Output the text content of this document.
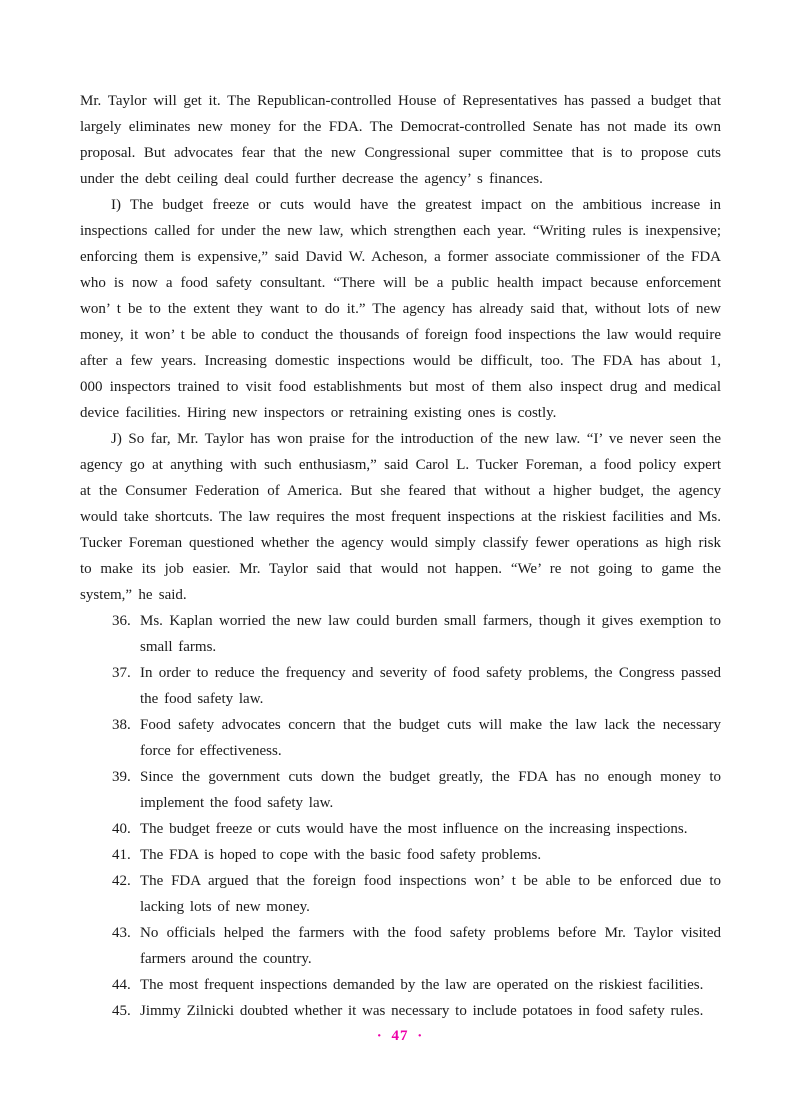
Mr. Taylor will get it. The Republican-controlled House of Representatives has passed a budget that largely eliminates new money for the FDA. The Democrat-controlled Senate has not made its own proposal. But advocates fear that the new Congressional super committee that is to propose cuts under the debt ceiling deal could further decrease the agency’ s finances.

I) The budget freeze or cuts would have the greatest impact on the ambitious increase in inspections called for under the new law, which strengthen each year. “Writing rules is inexpensive; enforcing them is expensive,” said David W. Acheson, a former associate commissioner of the FDA who is now a food safety consultant. “There will be a public health impact because enforcement won’ t be to the extent they want to do it.” The agency has already said that, without lots of new money, it won’ t be able to conduct the thousands of foreign food inspections the law would require after a few years. Increasing domestic inspections would be difficult, too. The FDA has about 1, 000 inspectors trained to visit food establishments but most of them also inspect drug and medical device facilities. Hiring new inspectors or retraining existing ones is costly.

J) So far, Mr. Taylor has won praise for the introduction of the new law. “I’ ve never seen the agency go at anything with such enthusiasm,” said Carol L. Tucker Foreman, a food policy expert at the Consumer Federation of America. But she feared that without a higher budget, the agency would take shortcuts. The law requires the most frequent inspections at the riskiest facilities and Ms. Tucker Foreman questioned whether the agency would simply classify fewer operations as high risk to make its job easier. Mr. Taylor said that would not happen. “We’ re not going to game the system,” he said.

36. Ms. Kaplan worried the new law could burden small farmers, though it gives exemption to small farms.
37. In order to reduce the frequency and severity of food safety problems, the Congress passed the food safety law.
38. Food safety advocates concern that the budget cuts will make the law lack the necessary force for effectiveness.
39. Since the government cuts down the budget greatly, the FDA has no enough money to implement the food safety law.
40. The budget freeze or cuts would have the most influence on the increasing inspections.
41. The FDA is hoped to cope with the basic food safety problems.
42. The FDA argued that the foreign food inspections won’ t be able to be enforced due to lacking lots of new money.
43. No officials helped the farmers with the food safety problems before Mr. Taylor visited farmers around the country.
44. The most frequent inspections demanded by the law are operated on the riskiest facilities.
45. Jimmy Zilnicki doubted whether it was necessary to include potatoes in food safety rules.
· 47 ·
